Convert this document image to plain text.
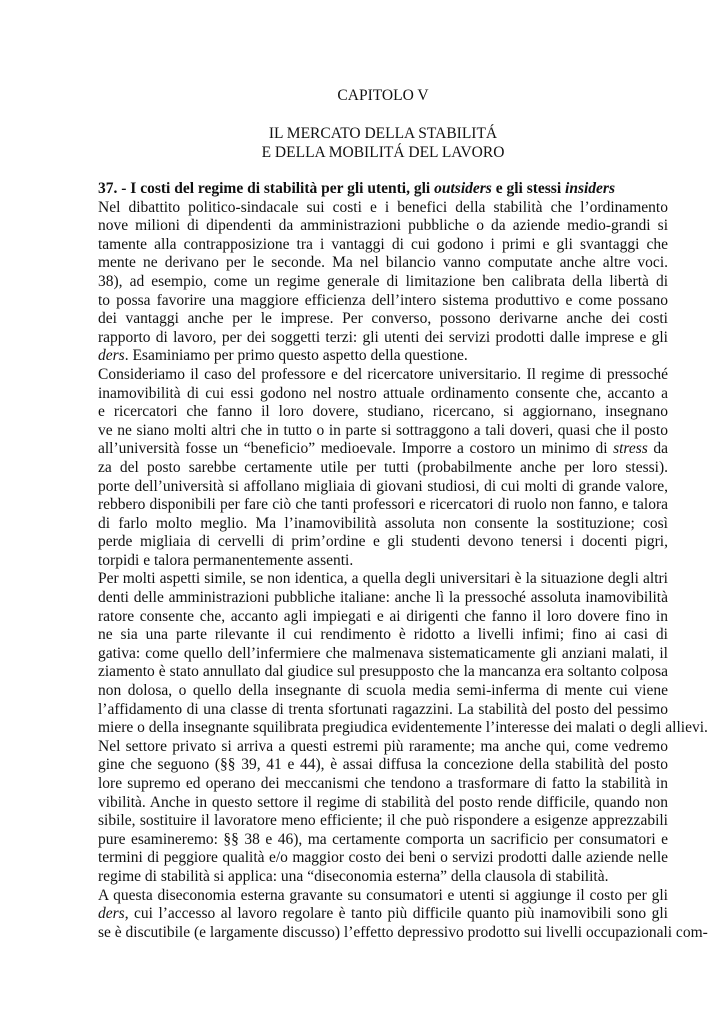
CAPITOLO V

IL MERCATO DELLA STABILITÁ
E DELLA MOBILITÁ DEL LAVORO

37. - I costi del regime di stabilità per gli utenti, gli outsiders e gli stessi insiders

Nel dibattito politico-sindacale sui costi e i benefici della stabilità che l’ordinamento
nove milioni di dipendenti da amministrazioni pubbliche o da aziende medio-grandi si
tamente alla contrapposizione tra i vantaggi di cui godono i primi e gli svantaggi che
mente ne derivano per le seconde. Ma nel bilancio vanno computate anche altre voci.
38), ad esempio, come un regime generale di limitazione ben calibrata della libertà di
to possa favorire una maggiore efficienza dell’intero sistema produttivo e come possano
dei vantaggi anche per le imprese. Per converso, possono derivarne anche dei costi
rapporto di lavoro, per dei soggetti terzi: gli utenti dei servizi prodotti dalle imprese e gli
ders. Esaminiamo per primo questo aspetto della questione.

Consideriamo il caso del professore e del ricercatore universitario. Il regime di pressoché
inamovibilità di cui essi godono nel nostro attuale ordinamento consente che, accanto a
e ricercatori che fanno il loro dovere, studiano, ricercano, si aggiornano, insegnano
ve ne siano molti altri che in tutto o in parte si sottraggono a tali doveri, quasi che il posto
all’università fosse un “beneficio” medioevale. Imporre a costoro un minimo di stress da
za del posto sarebbe certamente utile per tutti (probabilmente anche per loro stessi).
porte dell’università si affollano migliaia di giovani studiosi, di cui molti di grande valore,
rebbero disponibili per fare ciò che tanti professori e ricercatori di ruolo non fanno, e talora
di farlo molto meglio. Ma l’inamovibilità assoluta non consente la sostituzione; così
perde migliaia di cervelli di prim’ordine e gli studenti devono tenersi i docenti pigri,
torpidi e talora permanentemente assenti.

Per molti aspetti simile, se non identica, a quella degli universitari è la situazione degli altri
denti delle amministrazioni pubbliche italiane: anche lì la pressoché assoluta inamovibilità
ratore consente che, accanto agli impiegati e ai dirigenti che fanno il loro dovere fino in
ne sia una parte rilevante il cui rendimento è ridotto a livelli infimi; fino ai casi di
gativa: come quello dell’infermiere che malmenava sistematicamente gli anziani malati, il
ziamento è stato annullato dal giudice sul presupposto che la mancanza era soltanto colposa
non dolosa, o quello della insegnante di scuola media semi-inferma di mente cui viene
l’affidamento di una classe di trenta sfortunati ragazzini. La stabilità del posto del pessimo
miere o della insegnante squilibrata pregiudica evidentemente l’interesse dei malati o degli allievi.

Nel settore privato si arriva a questi estremi più raramente; ma anche qui, come vedremo
gine che seguono (§§ 39, 41 e 44), è assai diffusa la concezione della stabilità del posto
lore supremo ed operano dei meccanismi che tendono a trasformare di fatto la stabilità in
vibilità. Anche in questo settore il regime di stabilità del posto rende difficile, quando non
sibile, sostituire il lavoratore meno efficiente; il che può rispondere a esigenze apprezzabili
pure esamineremo: §§ 38 e 46), ma certamente comporta un sacrificio per consumatori e
termini di peggiore qualità e/o maggior costo dei beni o servizi prodotti dalle aziende nelle
regime di stabilità si applica: una “diseconomia esterna” della clausola di stabilità.

A questa diseconomia esterna gravante su consumatori e utenti si aggiunge il costo per gli
ders, cui l’accesso al lavoro regolare è tanto più difficile quanto più inamovibili sono gli
se è discutibile (e largamente discusso) l’effetto depressivo prodotto sui livelli occupazionali com-
